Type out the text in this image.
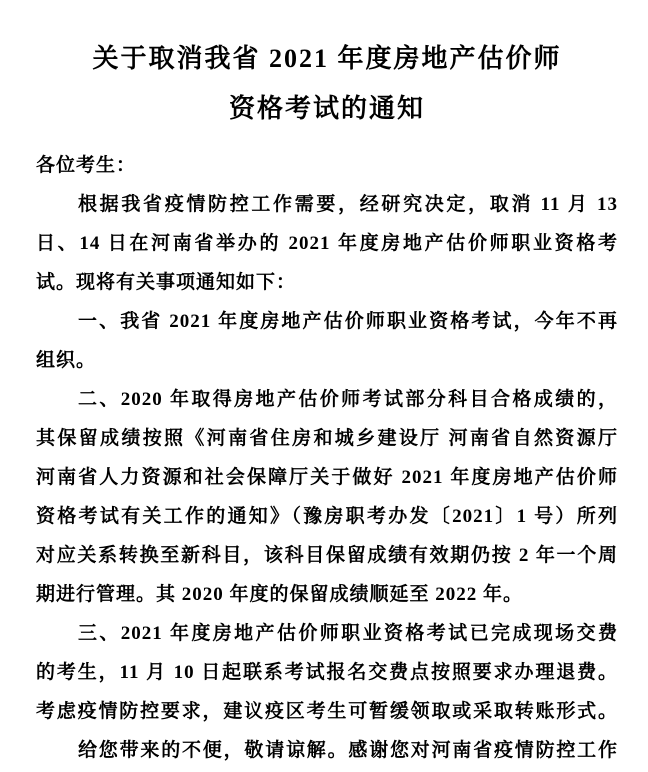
关于取消我省 2021 年度房地产估价师
资格考试的通知
各位考生：
根据我省疫情防控工作需要，经研究决定，取消 11 月 13
日、14 日在河南省举办的 2021 年度房地产估价师职业资格考
试。现将有关事项通知如下：
一、我省 2021 年度房地产估价师职业资格考试，今年不再
组织。
二、2020 年取得房地产估价师考试部分科目合格成绩的，
其保留成绩按照《河南省住房和城乡建设厅 河南省自然资源厅
河南省人力资源和社会保障厅关于做好 2021 年度房地产估价师
资格考试有关工作的通知》（豫房职考办发〔2021〕1 号）所列
对应关系转换至新科目，该科目保留成绩有效期仍按 2 年一个周
期进行管理。其 2020 年度的保留成绩顺延至 2022 年。
三、2021 年度房地产估价师职业资格考试已完成现场交费
的考生，11 月 10 日起联系考试报名交费点按照要求办理退费。
考虑疫情防控要求，建议疫区考生可暂缓领取或采取转账形式。
给您带来的不便，敬请谅解。感谢您对河南省疫情防控工作
